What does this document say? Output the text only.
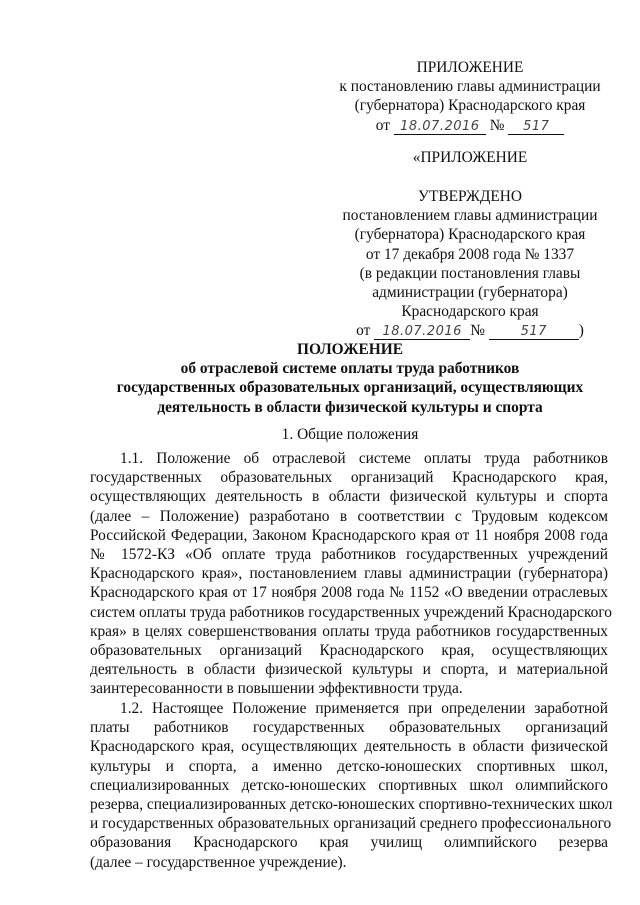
ПРИЛОЖЕНИЕ
к постановлению главы администрации
(губернатора) Краснодарского края
от 18.07.2016 № 517
«ПРИЛОЖЕНИЕ
УТВЕРЖДЕНО
постановлением главы администрации
(губернатора) Краснодарского края
от 17 декабря 2008 года № 1337
(в редакции постановления главы
администрации (губернатора)
Краснодарского края
от 18.07.2016 №	517 )
ПОЛОЖЕНИЕ
об отраслевой системе оплаты труда работников
государственных образовательных организаций, осуществляющих
деятельность в области физической культуры и спорта
1. Общие положения
1.1. Положение об отраслевой системе оплаты труда работников
государственных образовательных организаций Краснодарского края,
осуществляющих деятельность в области физической культуры и спорта
(далее – Положение) разработано в соответствии с Трудовым кодексом
Российской Федерации, Законом Краснодарского края от 11 ноября 2008 года
№ 1572-КЗ «Об оплате труда работников государственных учреждений
Краснодарского края», постановлением главы администрации (губернатора)
Краснодарского края от 17 ноября 2008 года № 1152 «О введении отраслевых
систем оплаты труда работников государственных учреждений Краснодарского
края» в целях совершенствования оплаты труда работников государственных
образовательных организаций Краснодарского края, осуществляющих
деятельность в области физической культуры и спорта, и материальной
заинтересованности в повышении эффективности труда.
1.2. Настоящее Положение применяется при определении заработной
платы работников государственных образовательных организаций
Краснодарского края, осуществляющих деятельность в области физической
культуры и спорта, а именно детско-юношеских спортивных школ,
специализированных детско-юношеских спортивных школ олимпийского
резерва, специализированных детско-юношеских спортивно-технических школ
и государственных образовательных организаций среднего профессионального
образования Краснодарского края училищ олимпийского резерва
(далее – государственное учреждение).
